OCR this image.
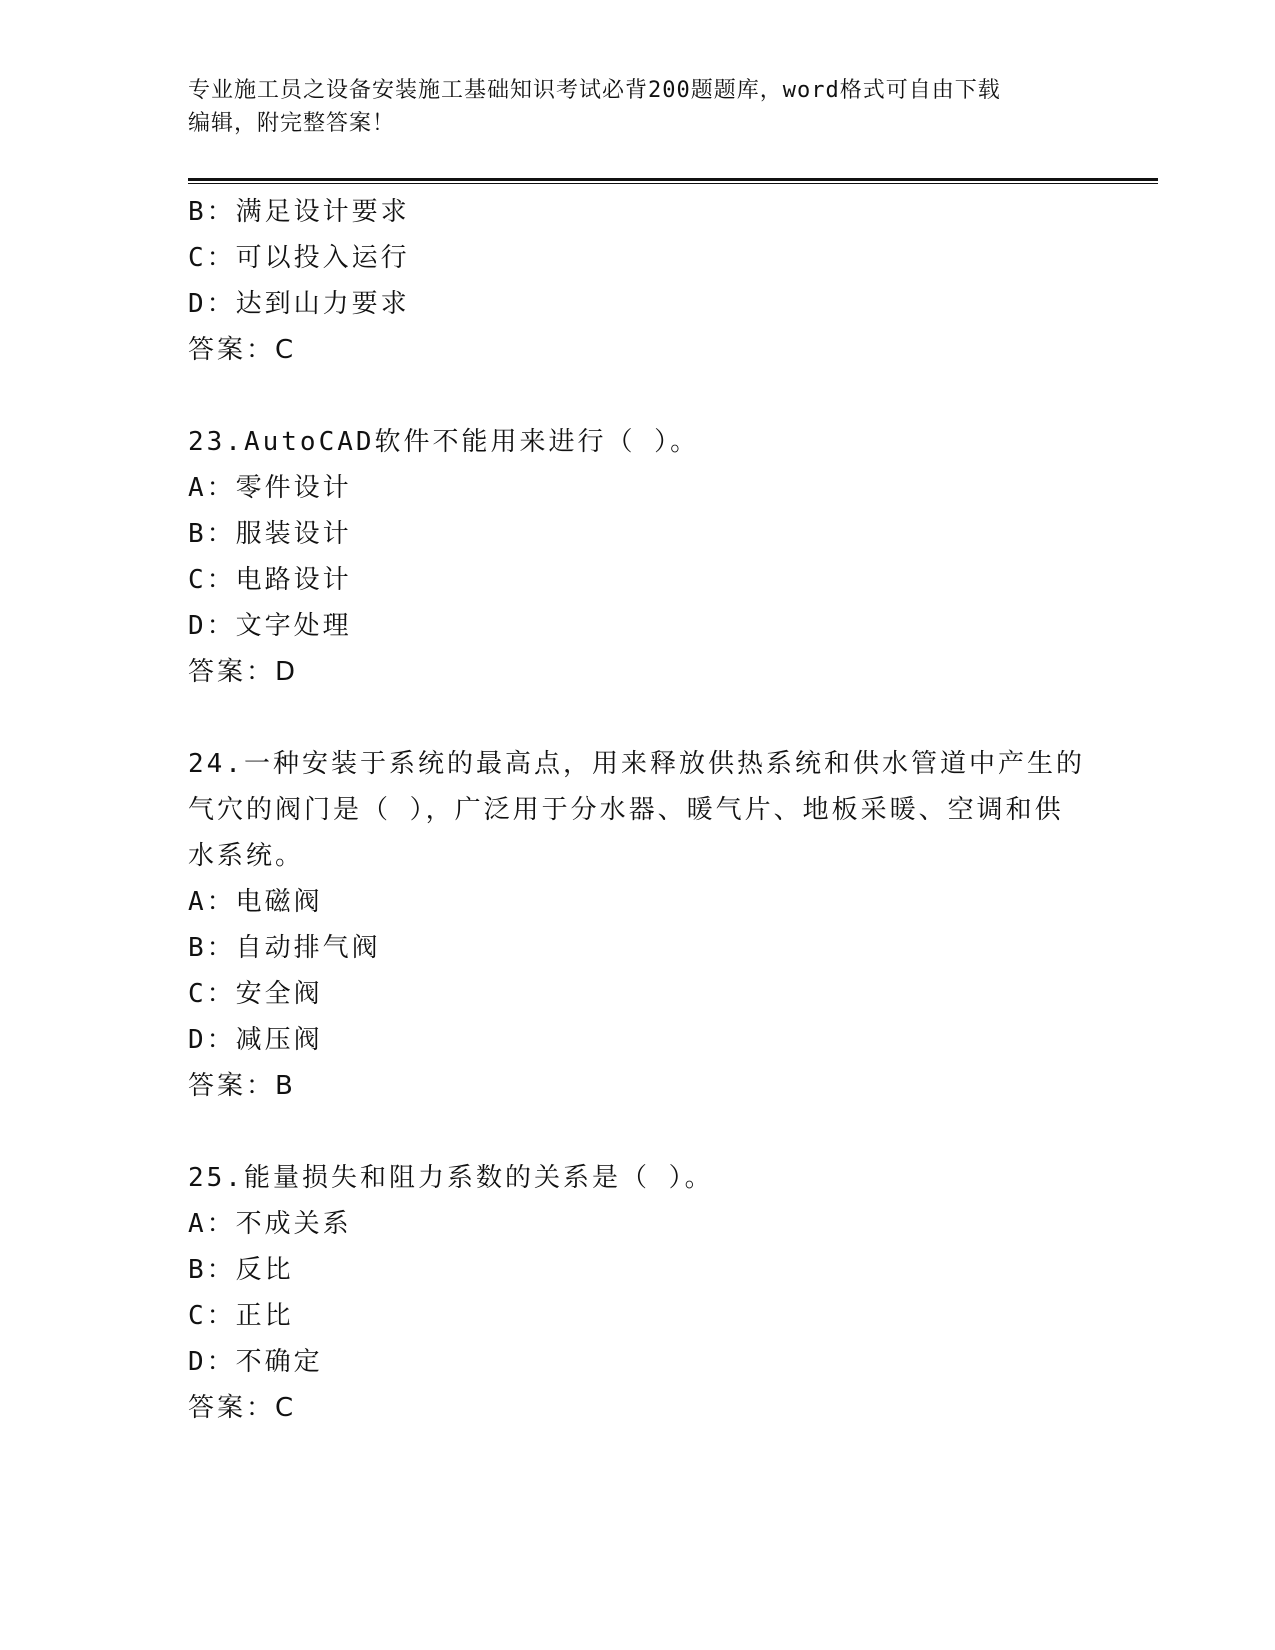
专业施工员之设备安装施工基础知识考试必背200题题库，word格式可自由下载
编辑，附完整答案！
B：满足设计要求
C：可以投入运行
D：达到山力要求
答案：C
23.AutoCAD软件不能用来进行（ ）。
A：零件设计
B：服装设计
C：电路设计
D：文字处理
答案：D
24.一种安装于系统的最高点，用来释放供热系统和供水管道中产生的
气穴的阀门是（ ），广泛用于分水器、暖气片、地板采暖、空调和供
水系统。
A：电磁阀
B：自动排气阀
C：安全阀
D：减压阀
答案：B
25.能量损失和阻力系数的关系是（ ）。
A：不成关系
B：反比
C：正比
D：不确定
答案：C
